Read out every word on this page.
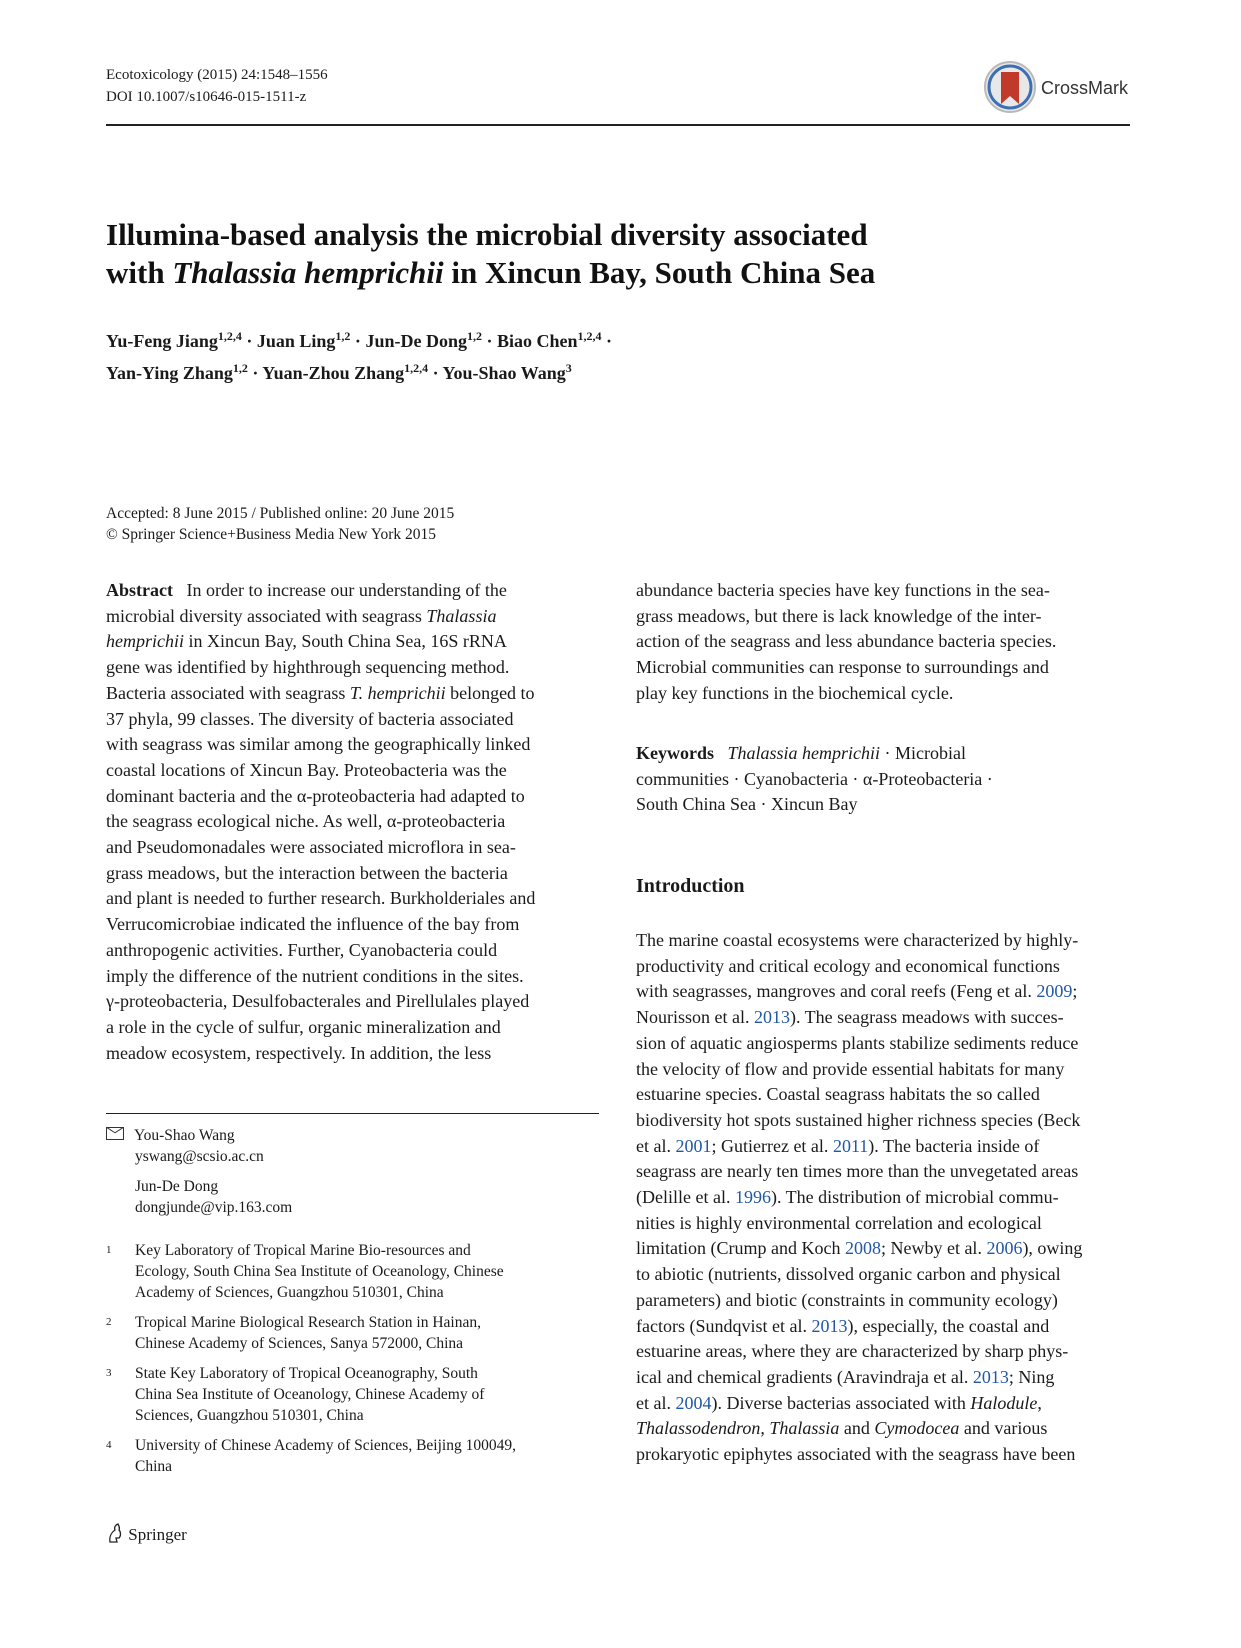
Ecotoxicology (2015) 24:1548–1556
DOI 10.1007/s10646-015-1511-z	CrossMark
Illumina-based analysis the microbial diversity associated
with Thalassia hemprichii in Xincun Bay, South China Sea
Yu-Feng Jiang$^{1,2,4}$ · Juan Ling$^{1,2}$ · Jun-De Dong$^{1,2}$ · Biao Chen$^{1,2,4}$ ·
Yan-Ying Zhang$^{1,2}$ · Yuan-Zhou Zhang$^{1,2,4}$ · You-Shao Wang$^3$
Accepted: 8 June 2015 / Published online: 20 June 2015
© Springer Science+Business Media New York 2015
Abstract In order to increase our understanding of the
microbial diversity associated with seagrass Thalassia
hemprichii in Xincun Bay, South China Sea, 16S rRNA
gene was identified by highthrough sequencing method.
Bacteria associated with seagrass T. hemprichii belonged to
37 phyla, 99 classes. The diversity of bacteria associated
with seagrass was similar among the geographically linked
coastal locations of Xincun Bay. Proteobacteria was the
dominant bacteria and the α-proteobacteria had adapted to
the seagrass ecological niche. As well, α-proteobacteria
and Pseudomonadales were associated microflora in sea-
grass meadows, but the interaction between the bacteria
and plant is needed to further research. Burkholderiales and
Verrucomicrobiae indicated the influence of the bay from
anthropogenic activities. Further, Cyanobacteria could
imply the difference of the nutrient conditions in the sites.
γ-proteobacteria, Desulfobacterales and Pirellulales played
a role in the cycle of sulfur, organic mineralization and
meadow ecosystem, respectively. In addition, the less
abundance bacteria species have key functions in the sea-
grass meadows, but there is lack knowledge of the inter-
action of the seagrass and less abundance bacteria species.
Microbial communities can response to surroundings and
play key functions in the biochemical cycle.
Keywords Thalassia hemprichii · Microbial
communities · Cyanobacteria · α-Proteobacteria ·
South China Sea · Xincun Bay
Introduction
The marine coastal ecosystems were characterized by highly-
productivity and critical ecology and economical functions
with seagrasses, mangroves and coral reefs (Feng et al. 2009;
Nourisson et al. 2013). The seagrass meadows with succes-
sion of aquatic angiosperms plants stabilize sediments reduce
the velocity of flow and provide essential habitats for many
estuarine species. Coastal seagrass habitats the so called
biodiversity hot spots sustained higher richness species (Beck
et al. 2001; Gutierrez et al. 2011). The bacteria inside of
seagrass are nearly ten times more than the unvegetated areas
(Delille et al. 1996). The distribution of microbial commu-
nities is highly environmental correlation and ecological
limitation (Crump and Koch 2008; Newby et al. 2006), owing
to abiotic (nutrients, dissolved organic carbon and physical
parameters) and biotic (constraints in community ecology)
factors (Sundqvist et al. 2013), especially, the coastal and
estuarine areas, where they are characterized by sharp phys-
ical and chemical gradients (Aravindraja et al. 2013; Ning
et al. 2004). Diverse bacterias associated with Halodule,
Thalassodendron, Thalassia and Cymodocea and various
prokaryotic epiphytes associated with the seagrass have been
You-Shao Wang
yswang@scsio.ac.cn
Jun-De Dong
dongjunde@vip.163.com
1 Key Laboratory of Tropical Marine Bio-resources and
Ecology, South China Sea Institute of Oceanology, Chinese
Academy of Sciences, Guangzhou 510301, China
2 Tropical Marine Biological Research Station in Hainan,
Chinese Academy of Sciences, Sanya 572000, China
3 State Key Laboratory of Tropical Oceanography, South
China Sea Institute of Oceanology, Chinese Academy of
Sciences, Guangzhou 510301, China
4 University of Chinese Academy of Sciences, Beijing 100049,
China
Springer
